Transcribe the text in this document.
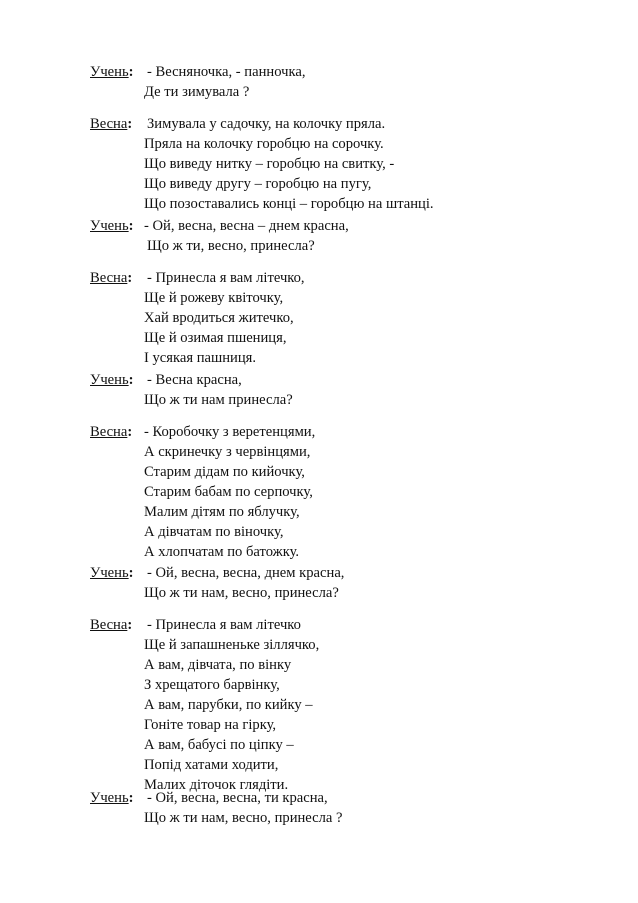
Учень: - Весняночка, - панночка,
Де ти зимувала ?
Весна: Зимувала у садочку, на колочку пряла.
Пряла на колочку горобцю на сорочку.
Що виведу нитку – горобцю на свитку, -
Що виведу другу – горобцю на пугу,
Що позоставались конці – горобцю на штанці.
Учень: - Ой, весна, весна – днем красна,
Що ж ти, весно, принесла?
Весна: - Принесла я вам літечко,
Ще й рожеву квіточку,
Хай вродиться житечко,
Ще й озимая пшениця,
І усякая пашниця.
Учень: - Весна красна,
Що ж ти нам принесла?
Весна: - Коробочку з веретенцями,
А скринечку з червінцями,
Старим дідам по кийочку,
Старим бабам по серпочку,
Малим дітям по яблучку,
А дівчатам по віночку,
А хлопчатам по батожку.
Учень: - Ой, весна, весна, днем красна,
Що ж ти нам, весно, принесла?
Весна: - Принесла я вам літечко
Ще й запашненьке зіллячко,
А вам, дівчата, по вінку
З хрещатого барвінку,
А вам, парубки, по кийку –
Гоніте товар на гірку,
А вам, бабусі по ціпку –
Попід хатами ходити,
Малих діточок глядіти.
Учень: - Ой, весна, весна, ти красна,
Що ж ти нам, весно, принесла ?
